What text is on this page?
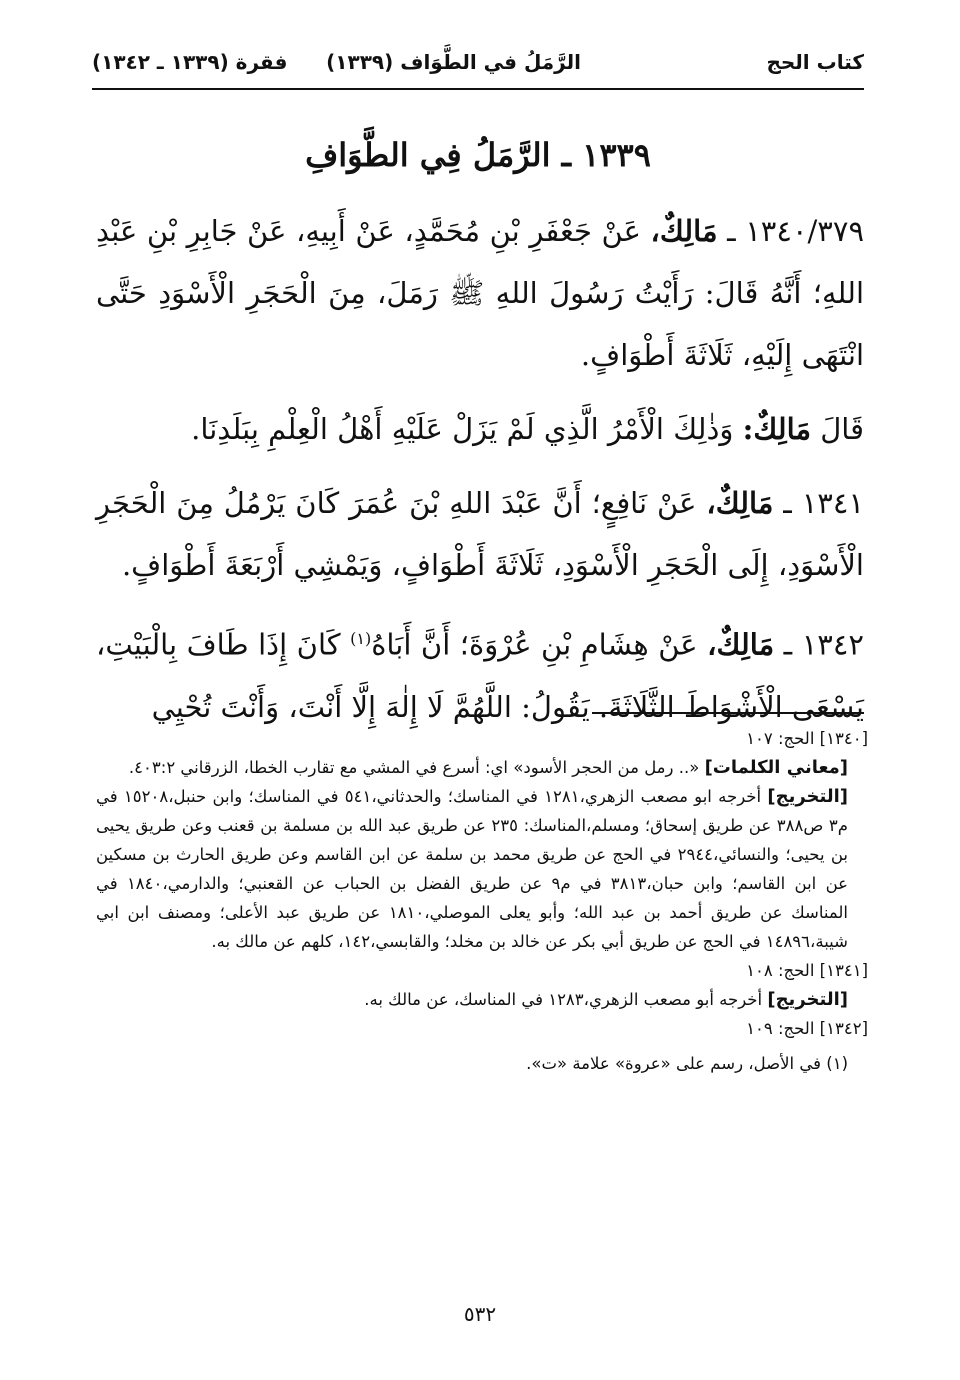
كتاب الحج
(١٣٣٩) الرَّمَلُ في الطَّوَاف
(١٣٣٩ ـ ١٣٤٢) فقرة
١٣٣٩ ـ الرَّمَلُ فِي الطَّوَافِ

١٣٤٠/٣٧٩ ـ مَالِكٌ، عَنْ جَعْفَرِ بْنِ مُحَمَّدٍ، عَنْ أَبِيهِ، عَنْ جَابِرِ بْنِ عَبْدِ اللهِ؛ أَنَّهُ قَالَ: رَأَيْتُ رَسُولَ اللهِ ﷺ رَمَلَ، مِنَ الْحَجَرِ الْأَسْوَدِ حَتَّى انْتَهَى إِلَيْهِ، ثَلَاثَةَ أَطْوَافٍ.

قَالَ مَالِكٌ: وَذٰلِكَ الْأَمْرُ الَّذِي لَمْ يَزَلْ عَلَيْهِ أَهْلُ الْعِلْمِ بِبَلَدِنَا.

١٣٤١ ـ مَالِكٌ، عَنْ نَافِعٍ؛ أَنَّ عَبْدَ اللهِ بْنَ عُمَرَ كَانَ يَرْمُلُ مِنَ الْحَجَرِ الْأَسْوَدِ، إِلَى الْحَجَرِ الْأَسْوَدِ، ثَلَاثَةَ أَطْوَافٍ، وَيَمْشِي أَرْبَعَةَ أَطْوَافٍ.

١٣٤٢ ـ مَالِكٌ، عَنْ هِشَامِ بْنِ عُرْوَةَ؛ أَنَّ أَبَاهُ$^{(١)}$ كَانَ إِذَا طَافَ بِالْبَيْتِ، يَسْعَى الْأَشْوَاطَ الثَّلَاثَةَ. يَقُولُ: اللَّهُمَّ لَا إِلٰهَ إِلَّا أَنْتَ، وَأَنْتَ تُحْيِي

[١٣٤٠] الحج: ١٠٧

[معاني الكلمات] «.. رمل من الحجر الأسود» اي: أسرع في المشي مع تقارب الخطا، الزرقاني ٤٠٣:٢.

[التخريج] أخرجه ابو مصعب الزهري،١٢٨١ في المناسك؛ والحدثاني،٥٤١ في المناسك؛ وابن حنبل،١٥٢٠٨ في م٣ ص٣٨٨ عن طريق إسحاق؛ ومسلم،المناسك: ٢٣٥ عن طريق عبد الله بن مسلمة بن قعنب وعن طريق يحيى بن يحيى؛ والنسائي،٢٩٤٤ في الحج عن طريق محمد بن سلمة عن ابن القاسم وعن طريق الحارث بن مسكين عن ابن القاسم؛ وابن حبان،٣٨١٣ في م٩ عن طريق الفضل بن الحباب عن القعنبي؛ والدارمي،١٨٤٠ في المناسك عن طريق أحمد بن عبد الله؛ وأبو يعلى الموصلي،١٨١٠ عن طريق عبد الأعلى؛ ومصنف ابن ابي شيبة،١٤٨٩٦ في الحج عن طريق أبي بكر عن خالد بن مخلد؛ والقابسي،١٤٢، كلهم عن مالك به.

[١٣٤١] الحج: ١٠٨

[التخريج] أخرجه أبو مصعب الزهري،١٢٨٣ في المناسك، عن مالك به.

[١٣٤٢] الحج: ١٠٩

(١) في الأصل، رسم على «عروة» علامة «ت».

٥٣٢
